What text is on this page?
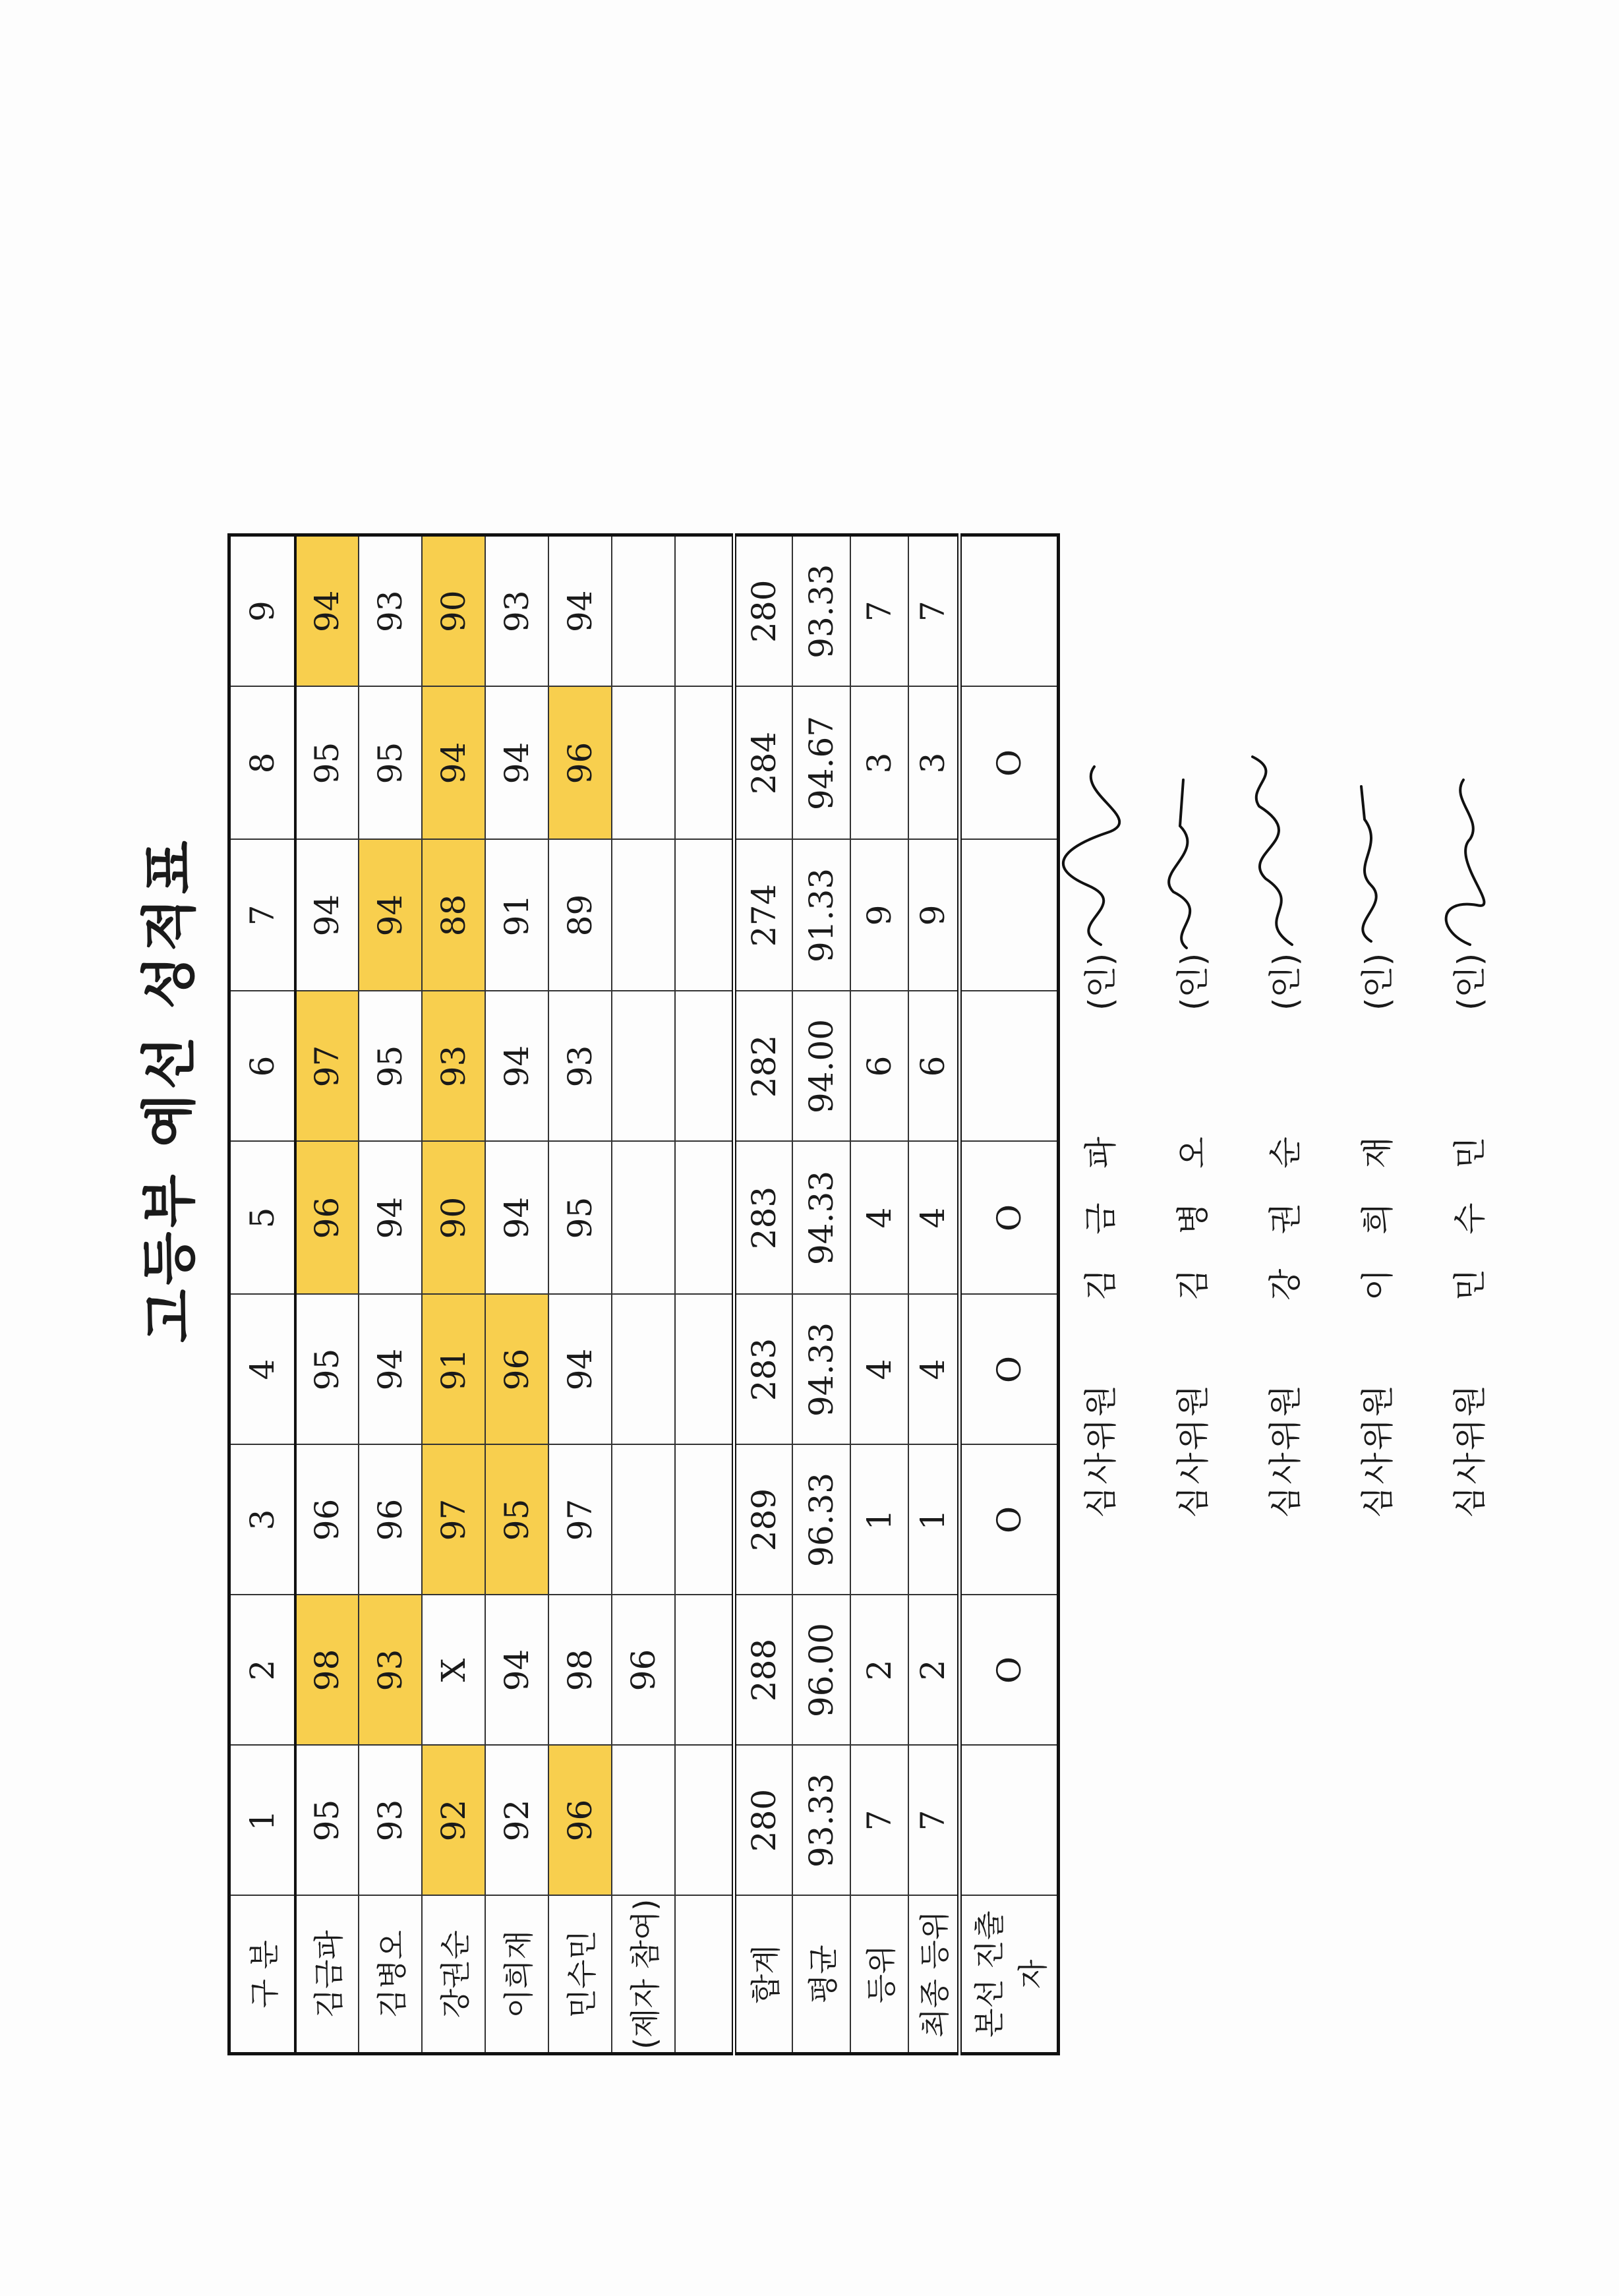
고등부 예선 성적표
구 분	1	2	3	4	5	6	7	8	9
김금파	95	98	96	95	96	97	94	95	94
김병오	93	93	96	94	94	95	94	95	93
강권순	92	X	97	91	90	93	88	94	90
이희재	92	94	95	96	94	94	91	94	93
민수민	96	98	97	94	95	93	89	96	94
(제자 참여)		96							

합계	280	288	289	283	283	282	274	284	280
평균	93.33	96.00	96.33	94.33	94.33	94.00	91.33	94.67	93.33
등위	7	2	1	4	4	6	9	3	7
최종 등위	7	2	1	4	4	6	9	3	7
본선 진출자		O	O	O	O			O	
심사위원김 금 파(인)
심사위원김 병 오(인)
심사위원강 권 순(인)
심사위원이 희 재(인)
심사위원민 수 민(인)
